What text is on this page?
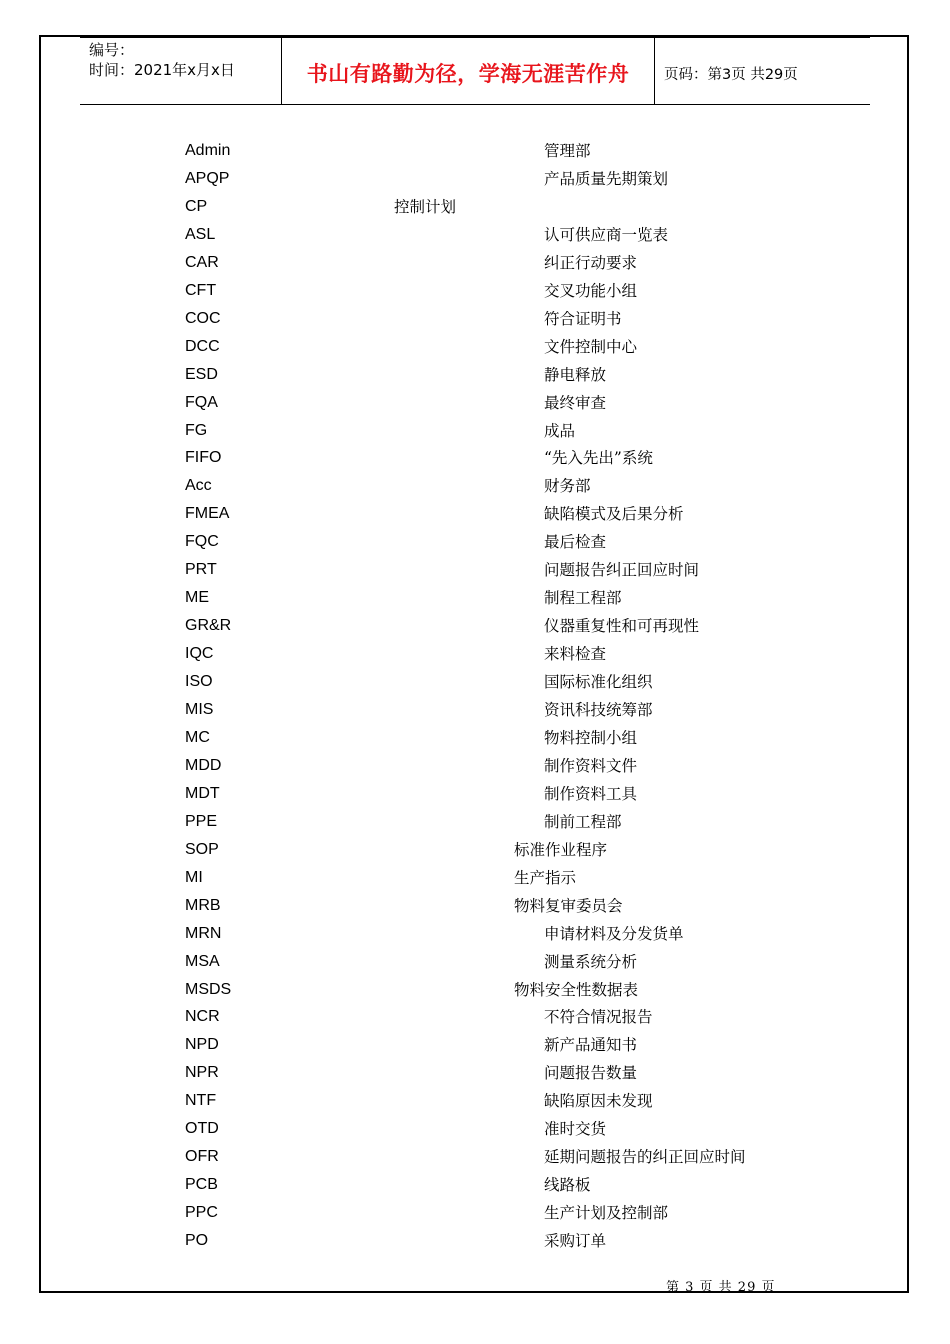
编号：
时间：2021年x月x日	书山有路勤为径，学海无涯苦作舟	页码：第3页 共29页
Admin	管理部
APQP	产品质量先期策划
CP	控制计划
ASL	认可供应商一览表
CAR	纠正行动要求
CFT	交叉功能小组
COC	符合证明书
DCC	文件控制中心
ESD	静电释放
FQA	最终审查
FG	成品
FIFO	“先入先出”系统
Acc	财务部
FMEA	缺陷模式及后果分析
FQC	最后检查
PRT	问题报告纠正回应时间
ME	制程工程部
GR&R	仪器重复性和可再现性
IQC	来料检查
ISO	国际标准化组织
MIS	资讯科技统筹部
MC	物料控制小组
MDD	制作资料文件
MDT	制作资料工具
PPE	制前工程部
SOP	标准作业程序
MI	生产指示
MRB	物料复审委员会
MRN	申请材料及分发货单
MSA	测量系统分析
MSDS	物料安全性数据表
NCR	不符合情况报告
NPD	新产品通知书
NPR	问题报告数量
NTF	缺陷原因未发现
OTD	准时交货
OFR	延期问题报告的纠正回应时间
PCB	线路板
PPC	生产计划及控制部
PO	采购订单
第 3 页 共 29 页
